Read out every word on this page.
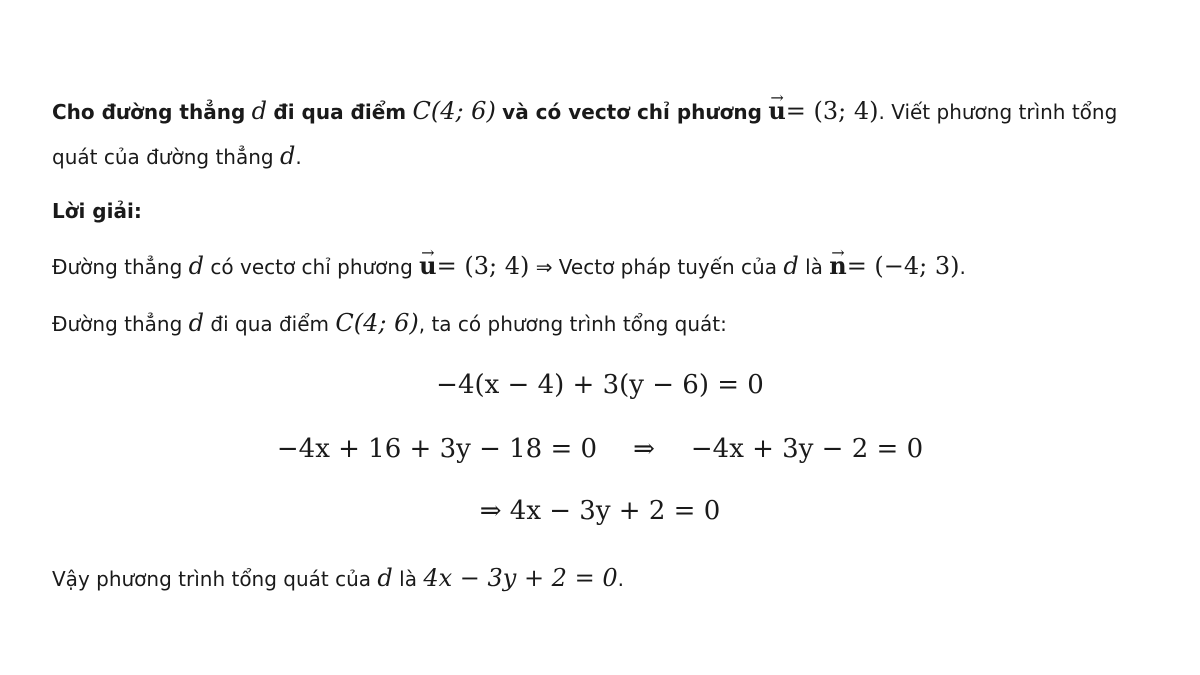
Cho đường thẳng d đi qua điểm C(4; 6) và có vectơ chỉ phương → u= (3; 4). Viết phương trình tổng
quát của đường thẳng d.
Lời giải:
Đường thẳng d có vectơ chỉ phương → u= (3; 4) ⇒ Vectơ pháp tuyến của d là → n= (−4; 3).
Đường thẳng d đi qua điểm C(4; 6), ta có phương trình tổng quát:
−4(x − 4) + 3(y − 6) = 0
−4x + 16 + 3y − 18 = 0 ⇒ −4x + 3y − 2 = 0
⇒ 4x − 3y + 2 = 0
Vậy phương trình tổng quát của d là 4x − 3y + 2 = 0.
